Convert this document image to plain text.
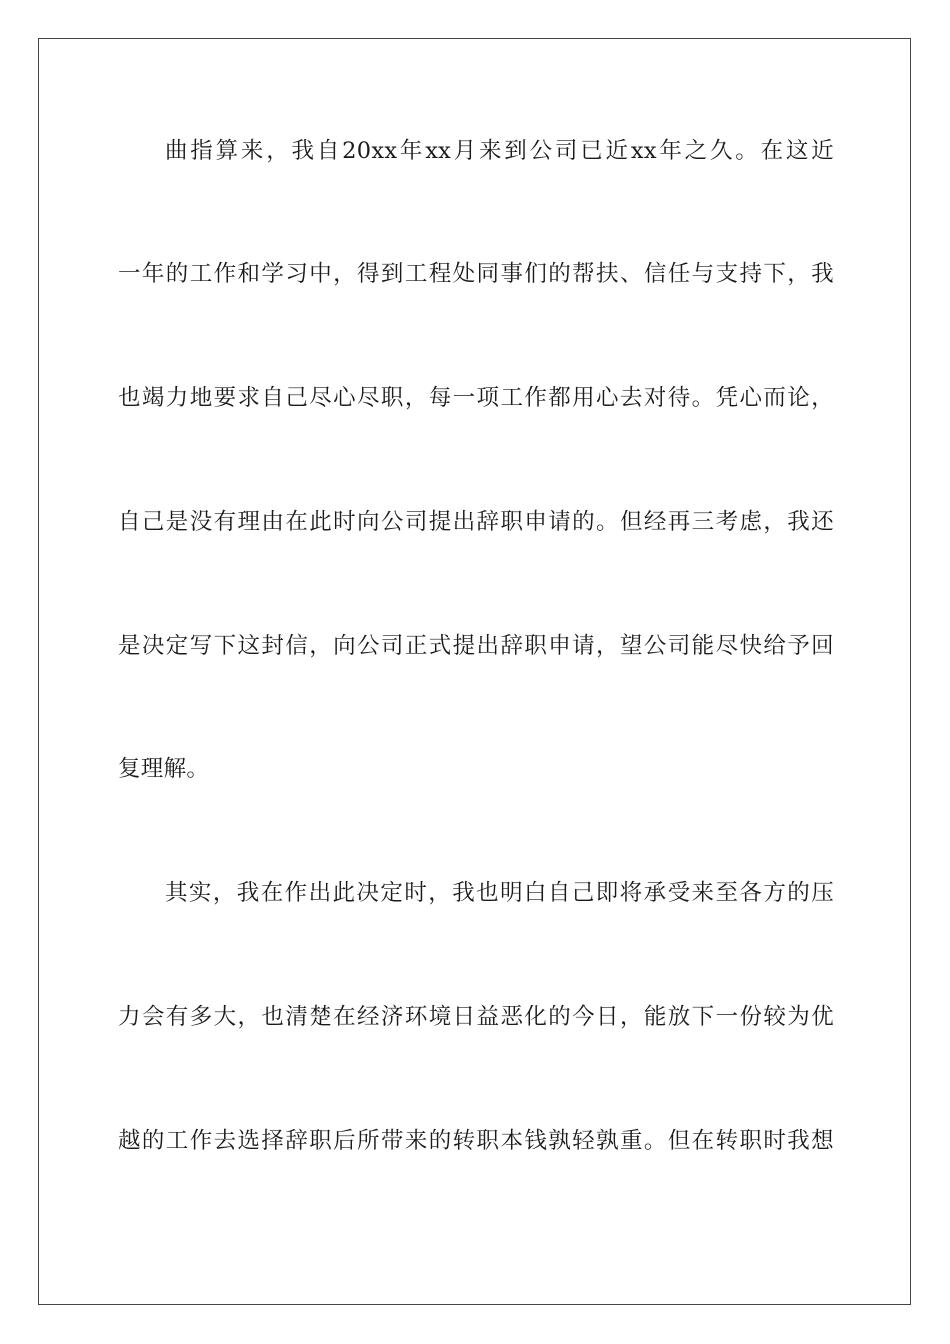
曲指算来，我自20xx年xx月来到公司已近xx年之久。在这近
一年的工作和学习中，得到工程处同事们的帮扶、信任与支持下，我
也竭力地要求自己尽心尽职，每一项工作都用心去对待。凭心而论，
自己是没有理由在此时向公司提出辞职申请的。但经再三考虑，我还
是决定写下这封信，向公司正式提出辞职申请，望公司能尽快给予回
复理解。
其实，我在作出此决定时，我也明白自己即将承受来至各方的压
力会有多大，也清楚在经济环境日益恶化的今日，能放下一份较为优
越的工作去选择辞职后所带来的转职本钱孰轻孰重。但在转职时我想
